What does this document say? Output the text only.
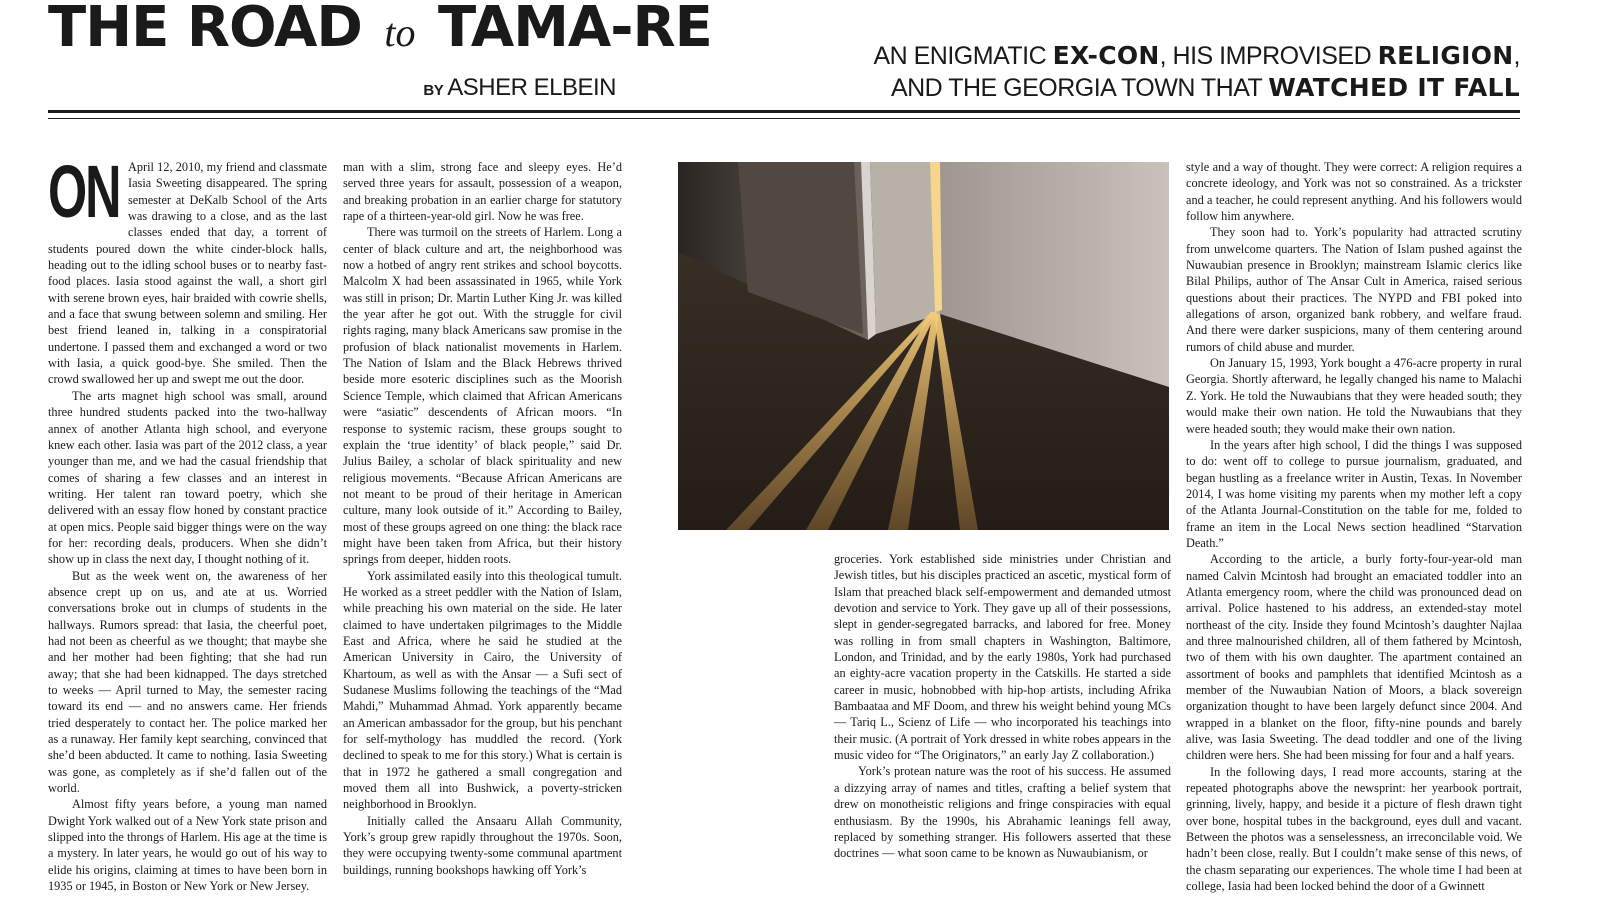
THE ROAD to TAMA-RE
BY ASHER ELBEIN
AN ENIGMATIC EX-CON, HIS IMPROVISED RELIGION,
AND THE GEORGIA TOWN THAT WATCHED IT FALL
ON April 12, 2010, my friend and classmate Iasia Sweeting disappeared. The spring semester at DeKalb School of the Arts was drawing to a close, and as the last classes ended that day, a torrent of students poured down the white cinder-block halls, heading out to the idling school buses or to nearby fast-food places. Iasia stood against the wall, a short girl with serene brown eyes, hair braided with cowrie shells, and a face that swung between solemn and smiling. Her best friend leaned in, talking in a conspiratorial undertone. I passed them and exchanged a word or two with Iasia, a quick good-bye. She smiled. Then the crowd swallowed her up and swept me out the door.

The arts magnet high school was small, around three hundred students packed into the two-hallway annex of another Atlanta high school, and everyone knew each other. Iasia was part of the 2012 class, a year younger than me, and we had the casual friendship that comes of sharing a few classes and an interest in writing. Her talent ran toward poetry, which she delivered with an essay flow honed by constant practice at open mics. People said bigger things were on the way for her: recording deals, producers. When she didn’t show up in class the next day, I thought nothing of it.

But as the week went on, the awareness of her absence crept up on us, and ate at us. Worried conversations broke out in clumps of students in the hallways. Rumors spread: that Iasia, the cheerful poet, had not been as cheerful as we thought; that maybe she and her mother had been fighting; that she had run away; that she had been kidnapped. The days stretched to weeks — April turned to May, the semester racing toward its end — and no answers came. Her friends tried desperately to contact her. The police marked her as a runaway. Her family kept searching, convinced that she’d been abducted. It came to nothing. Iasia Sweeting was gone, as completely as if she’d fallen out of the world.

Almost fifty years before, a young man named Dwight York walked out of a New York state prison and slipped into the throngs of Harlem. His age at the time is a mystery. In later years, he would go out of his way to elide his origins, claiming at times to have been born in 1935 or 1945, in Boston or New York or New Jersey.

man with a slim, strong face and sleepy eyes. He’d served three years for assault, possession of a weapon, and breaking probation in an earlier charge for statutory rape of a thirteen-year-old girl. Now he was free.

There was turmoil on the streets of Harlem. Long a center of black culture and art, the neighborhood was now a hotbed of angry rent strikes and school boycotts. Malcolm X had been assassinated in 1965, while York was still in prison; Dr. Martin Luther King Jr. was killed the year after he got out. With the struggle for civil rights raging, many black Americans saw promise in the profusion of black nationalist movements in Harlem. The Nation of Islam and the Black Hebrews thrived beside more esoteric disciplines such as the Moorish Science Temple, which claimed that African Americans were “asiatic” descendents of African moors. “In response to systemic racism, these groups sought to explain the ‘true identity’ of black people,” said Dr. Julius Bailey, a scholar of black spirituality and new religious movements. “Because African Americans are not meant to be proud of their heritage in American culture, many look outside of it.” According to Bailey, most of these groups agreed on one thing: the black race might have been taken from Africa, but their history springs from deeper, hidden roots.

York assimilated easily into this theological tumult. He worked as a street peddler with the Nation of Islam, while preaching his own material on the side. He later claimed to have undertaken pilgrimages to the Middle East and Africa, where he said he studied at the American University in Cairo, the University of Khartoum, as well as with the Ansar — a Sufi sect of Sudanese Muslims following the teachings of the “Mad Mahdi,” Muhammad Ahmad. York apparently became an American ambassador for the group, but his penchant for self-mythology has muddled the record. (York declined to speak to me for this story.) What is certain is that in 1972 he gathered a small congregation and moved them all into Bushwick, a poverty-stricken neighborhood in Brooklyn.

Initially called the Ansaaru Allah Community, York’s group grew rapidly throughout the 1970s. Soon, they were occupying twenty-some communal apartment buildings, running bookshops hawking off York’s

groceries. York established side ministries under Christian and Jewish titles, but his disciples practiced an ascetic, mystical form of Islam that preached black self-empowerment and demanded utmost devotion and service to York. They gave up all of their possessions, slept in gender-segregated barracks, and labored for free. Money was rolling in from small chapters in Washington, Baltimore, London, and Trinidad, and by the early 1980s, York had purchased an eighty-acre vacation property in the Catskills. He started a side career in music, hobnobbed with hip-hop artists, including Afrika Bambaataa and MF Doom, and threw his weight behind young MCs — Tariq L., Scienz of Life — who incorporated his teachings into their music. (A portrait of York dressed in white robes appears in the music video for “The Originators,” an early Jay Z collaboration.)

York’s protean nature was the root of his success. He assumed a dizzying array of names and titles, crafting a belief system that drew on monotheistic religions and fringe conspiracies with equal enthusiasm. By the 1990s, his Abrahamic leanings fell away, replaced by something stranger. His followers asserted that these doctrines — what soon came to be known as Nuwaubianism, or

style and a way of thought. They were correct: A religion requires a concrete ideology, and York was not so constrained. As a trickster and a teacher, he could represent anything. And his followers would follow him anywhere.

They soon had to. York’s popularity had attracted scrutiny from unwelcome quarters. The Nation of Islam pushed against the Nuwaubian presence in Brooklyn; mainstream Islamic clerics like Bilal Philips, author of The Ansar Cult in America, raised serious questions about their practices. The NYPD and FBI poked into allegations of arson, organized bank robbery, and welfare fraud. And there were darker suspicions, many of them centering around rumors of child abuse and murder.

On January 15, 1993, York bought a 476-acre property in rural Georgia. Shortly afterward, he legally changed his name to Malachi Z. York. He told the Nuwaubians that they were headed south; they would make their own nation. He told the Nuwaubians that they were headed south; they would make their own nation.

In the years after high school, I did the things I was supposed to do: went off to college to pursue journalism, graduated, and began hustling as a freelance writer in Austin, Texas. In November 2014, I was home visiting my parents when my mother left a copy of the Atlanta Journal-Constitution on the table for me, folded to frame an item in the Local News section headlined “Starvation Death.”

According to the article, a burly forty-four-year-old man named Calvin Mcintosh had brought an emaciated toddler into an Atlanta emergency room, where the child was pronounced dead on arrival. Police hastened to his address, an extended-stay motel northeast of the city. Inside they found Mcintosh’s daughter Najlaa and three malnourished children, all of them fathered by Mcintosh, two of them with his own daughter. The apartment contained an assortment of books and pamphlets that identified Mcintosh as a member of the Nuwaubian Nation of Moors, a black sovereign organization thought to have been largely defunct since 2004. And wrapped in a blanket on the floor, fifty-nine pounds and barely alive, was Iasia Sweeting. The dead toddler and one of the living children were hers. She had been missing for four and a half years.

In the following days, I read more accounts, staring at the repeated photographs above the newsprint: her yearbook portrait, grinning, lively, happy, and beside it a picture of flesh drawn tight over bone, hospital tubes in the background, eyes dull and vacant. Between the photos was a senselessness, an irreconcilable void. We hadn’t been close, really. But I couldn’t make sense of this news, of the chasm separating our experiences. The whole time I had been at college, Iasia had been locked behind the door of a Gwinnett
